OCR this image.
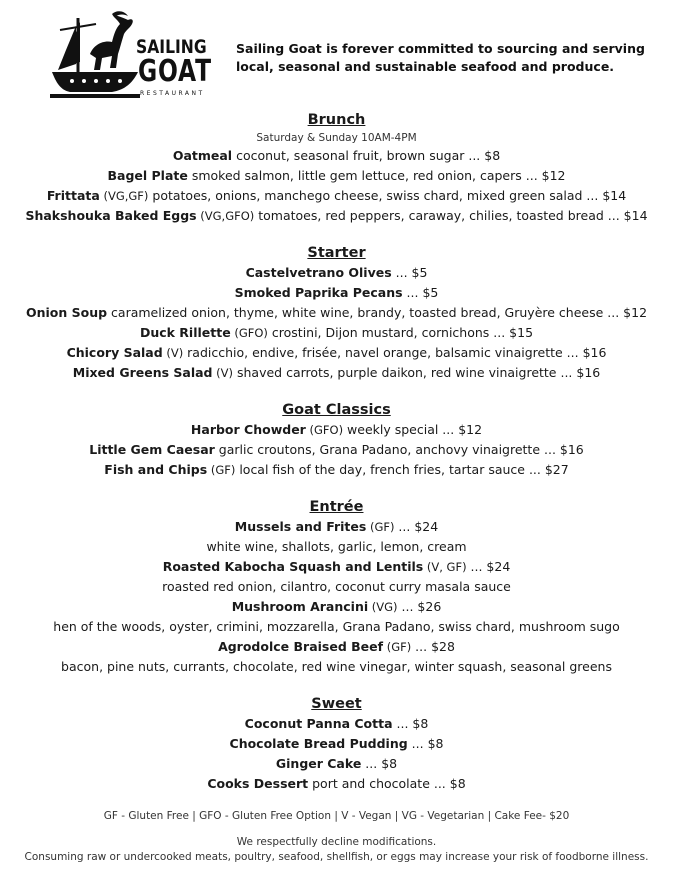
SAILING
GOAT
RESTAURANT
Sailing Goat is forever committed to sourcing and serving local, seasonal and sustainable seafood and produce.
Brunch
Saturday & Sunday 10AM-4PM
Oatmeal coconut, seasonal fruit, brown sugar ... $8
Bagel Plate smoked salmon, little gem lettuce, red onion, capers ... $12
Frittata (VG,GF) potatoes, onions, manchego cheese, swiss chard, mixed green salad ... $14
Shakshouka Baked Eggs (VG,GFO) tomatoes, red peppers, caraway, chilies, toasted bread ... $14
Starter
Castelvetrano Olives ... $5
Smoked Paprika Pecans ... $5
Onion Soup caramelized onion, thyme, white wine, brandy, toasted bread, Gruyère cheese ... $12
Duck Rillette (GFO) crostini, Dijon mustard, cornichons ... $15
Chicory Salad (V) radicchio, endive, frisée, navel orange, balsamic vinaigrette ... $16
Mixed Greens Salad (V) shaved carrots, purple daikon, red wine vinaigrette ... $16
Goat Classics
Harbor Chowder (GFO) weekly special ... $12
Little Gem Caesar garlic croutons, Grana Padano, anchovy vinaigrette ... $16
Fish and Chips (GF) local fish of the day, french fries, tartar sauce ... $27
Entrée
Mussels and Frites (GF) ... $24
white wine, shallots, garlic, lemon, cream
Roasted Kabocha Squash and Lentils (V, GF) ... $24
roasted red onion, cilantro, coconut curry masala sauce
Mushroom Arancini (VG) ... $26
hen of the woods, oyster, crimini, mozzarella, Grana Padano, swiss chard, mushroom sugo
Agrodolce Braised Beef (GF) ... $28
bacon, pine nuts, currants, chocolate, red wine vinegar, winter squash, seasonal greens
Sweet
Coconut Panna Cotta ... $8
Chocolate Bread Pudding ... $8
Ginger Cake ... $8
Cooks Dessert port and chocolate ... $8
GF - Gluten Free | GFO - Gluten Free Option | V - Vegan | VG - Vegetarian | Cake Fee- $20
We respectfully decline modifications.
Consuming raw or undercooked meats, poultry, seafood, shellfish, or eggs may increase your risk of foodborne illness.
